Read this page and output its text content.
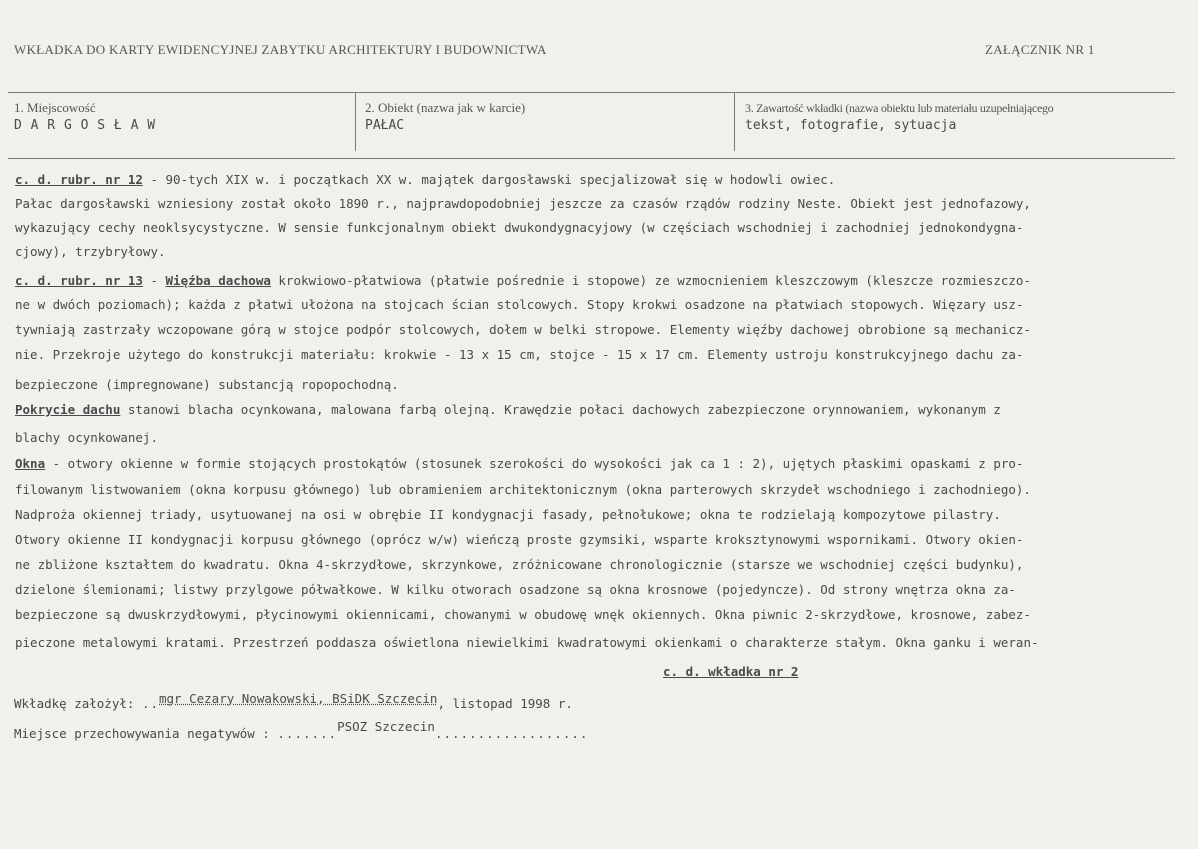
WKŁADKA DO KARTY EWIDENCYJNEJ ZABYTKU ARCHITEKTURY I BUDOWNICTWA	ZAŁĄCZNIK NR 1
1. Miejscowość
D A R G O S Ł A W
2. Obiekt (nazwa jak w karcie)
PAŁAC
3. Zawartość wkładki (nazwa obiektu lub materiału uzupełniającego
tekst, fotografie, sytuacja
c. d. rubr. nr 12 - 90-tych XIX w. i początkach XX w. majątek dargosławski specjalizował się w hodowli owiec.
Pałac dargosławski wzniesiony został około 1890 r., najprawdopodobniej jeszcze za czasów rządów rodziny Neste. Obiekt jest jednofazowy,
wykazujący cechy neoklsycystyczne. W sensie funkcjonalnym obiekt dwukondygnacyjowy (w częściach wschodniej i zachodniej jednokondygna-
cjowy), trzybryłowy.
c. d. rubr. nr 13 - Więźba dachowa krokwiowo-płatwiowa (płatwie pośrednie i stopowe) ze wzmocnieniem kleszczowym (kleszcze rozmieszczo-
ne w dwóch poziomach); każda z płatwi ułożona na stojcach ścian stolcowych. Stopy krokwi osadzone na płatwiach stopowych. Więzary usz-
tywniają zastrzały wczopowane górą w stojce podpór stolcowych, dołem w belki stropowe. Elementy więźby dachowej obrobione są mechanicz-
nie. Przekroje użytego do konstrukcji materiału: krokwie - 13 x 15 cm, stojce - 15 x 17 cm. Elementy ustroju konstrukcyjnego dachu za-
bezpieczone (impregnowane) substancją ropopochodną.
Pokrycie dachu stanowi blacha ocynkowana, malowana farbą olejną. Krawędzie połaci dachowych zabezpieczone orynnowaniem, wykonanym z
blachy ocynkowanej.
Okna - otwory okienne w formie stojących prostokątów (stosunek szerokości do wysokości jak ca 1 : 2), ujętych płaskimi opaskami z pro-
filowanym listwowaniem (okna korpusu głównego) lub obramieniem architektonicznym (okna parterowych skrzydeł wschodniego i zachodniego).
Nadproża okiennej triady, usytuowanej na osi w obrębie II kondygnacji fasady, pełnołukowe; okna te rodzielają kompozytowe pilastry.
Otwory okienne II kondygnacji korpusu głównego (oprócz w/w) wieńczą proste gzymsiki, wsparte kroksztynowymi wspornikami. Otwory okien-
ne zbliżone kształtem do kwadratu. Okna 4-skrzydłowe, skrzynkowe, zróżnicowane chronologicznie (starsze we wschodniej części budynku),
dzielone ślemionami; listwy przylgowe półwałkowe. W kilku otworach osadzone są okna krosnowe (pojedyncze). Od strony wnętrza okna za-
bezpieczone są dwuskrzydłowymi, płycinowymi okiennicami, chowanymi w obudowę wnęk okiennych. Okna piwnic 2-skrzydłowe, krosnowe, zabez-
pieczone metalowymi kratami. Przestrzeń poddasza oświetlona niewielkimi kwadratowymi okienkami o charakterze stałym. Okna ganku i weran-
c. d. wkładka nr 2
Wkładkę założył: ..mgr Cezary Nowakowski, BSiDK Szczecin, listopad 1998 r.
Miejsce przechowywania negatywów : .......PSOZ Szczecin..................
